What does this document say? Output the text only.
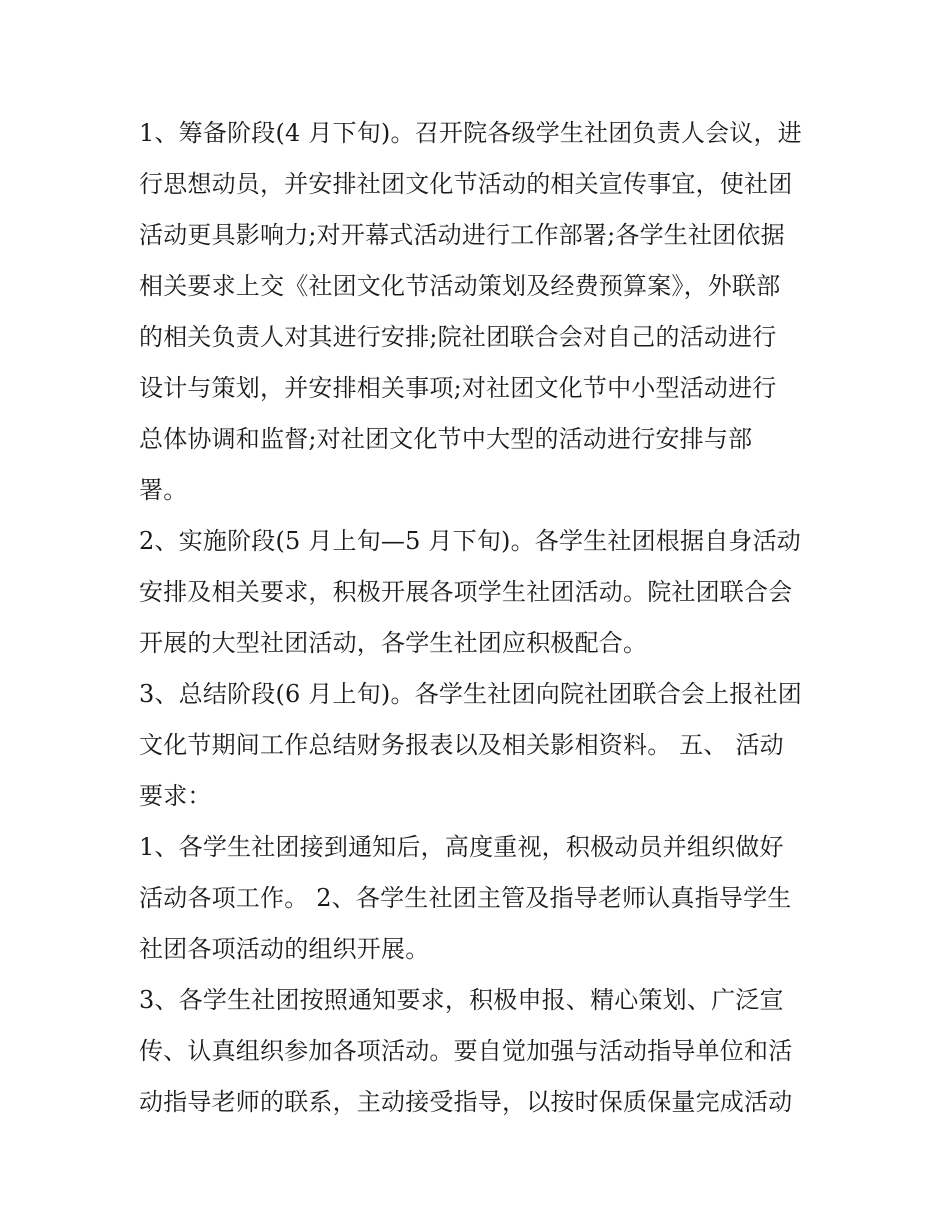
1、筹备阶段(4 月下旬)。召开院各级学生社团负责人会议，进
行思想动员，并安排社团文化节活动的相关宣传事宜，使社团
活动更具影响力;对开幕式活动进行工作部署;各学生社团依据
相关要求上交《社团文化节活动策划及经费预算案》，外联部
的相关负责人对其进行安排;院社团联合会对自己的活动进行
设计与策划，并安排相关事项;对社团文化节中小型活动进行
总体协调和监督;对社团文化节中大型的活动进行安排与部
署。
2、实施阶段(5 月上旬—5 月下旬)。各学生社团根据自身活动
安排及相关要求，积极开展各项学生社团活动。院社团联合会
开展的大型社团活动，各学生社团应积极配合。
3、总结阶段(6 月上旬)。各学生社团向院社团联合会上报社团
文化节期间工作总结财务报表以及相关影相资料。 五、 活动
要求：
1、各学生社团接到通知后，高度重视，积极动员并组织做好
活动各项工作。 2、各学生社团主管及指导老师认真指导学生
社团各项活动的组织开展。
3、各学生社团按照通知要求，积极申报、精心策划、广泛宣
传、认真组织参加各项活动。要自觉加强与活动指导单位和活
动指导老师的联系，主动接受指导，以按时保质保量完成活动
